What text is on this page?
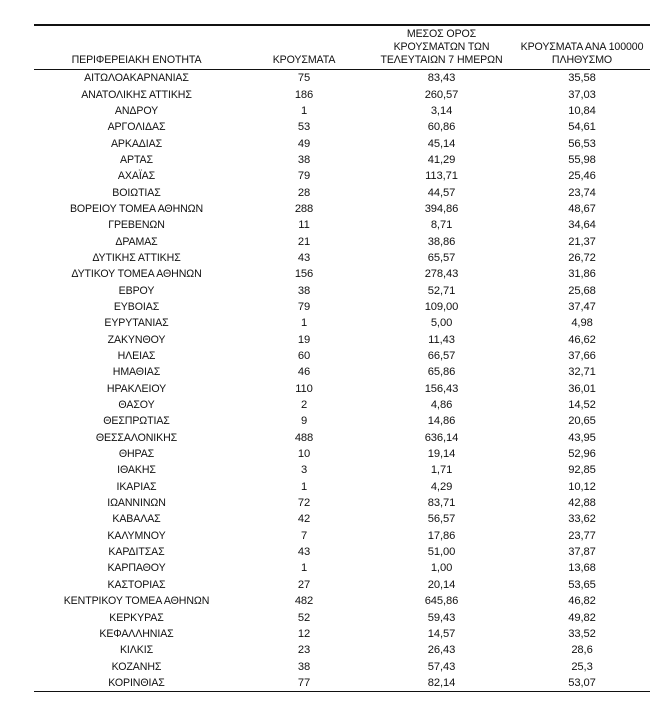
ΠΕΡΙΦΕΡΕΙΑΚΗ ΕΝΟΤΗΤΑ	ΚΡΟΥΣΜΑΤΑ	ΜΕΣΟΣ ΟΡΟΣ ΚΡΟΥΣΜΑΤΩΝ ΤΩΝ ΤΕΛΕΥΤΑΙΩΝ 7 ΗΜΕΡΩΝ	ΚΡΟΥΣΜΑΤΑ ΑΝΑ 100000 ΠΛΗΘΥΣΜΟ
ΑΙΤΩΛΟΑΚΑΡΝΑΝΙΑΣ	75	83,43	35,58
ΑΝΑΤΟΛΙΚΗΣ ΑΤΤΙΚΗΣ	186	260,57	37,03
ΑΝΔΡΟΥ	1	3,14	10,84
ΑΡΓΟΛΙΔΑΣ	53	60,86	54,61
ΑΡΚΑΔΙΑΣ	49	45,14	56,53
ΑΡΤΑΣ	38	41,29	55,98
ΑΧΑΪΑΣ	79	113,71	25,46
ΒΟΙΩΤΙΑΣ	28	44,57	23,74
ΒΟΡΕΙΟΥ ΤΟΜΕΑ ΑΘΗΝΩΝ	288	394,86	48,67
ΓΡΕΒΕΝΩΝ	11	8,71	34,64
ΔΡΑΜΑΣ	21	38,86	21,37
ΔΥΤΙΚΗΣ ΑΤΤΙΚΗΣ	43	65,57	26,72
ΔΥΤΙΚΟΥ ΤΟΜΕΑ ΑΘΗΝΩΝ	156	278,43	31,86
ΕΒΡΟΥ	38	52,71	25,68
ΕΥΒΟΙΑΣ	79	109,00	37,47
ΕΥΡΥΤΑΝΙΑΣ	1	5,00	4,98
ΖΑΚΥΝΘΟΥ	19	11,43	46,62
ΗΛΕΙΑΣ	60	66,57	37,66
ΗΜΑΘΙΑΣ	46	65,86	32,71
ΗΡΑΚΛΕΙΟΥ	110	156,43	36,01
ΘΑΣΟΥ	2	4,86	14,52
ΘΕΣΠΡΩΤΙΑΣ	9	14,86	20,65
ΘΕΣΣΑΛΟΝΙΚΗΣ	488	636,14	43,95
ΘΗΡΑΣ	10	19,14	52,96
ΙΘΑΚΗΣ	3	1,71	92,85
ΙΚΑΡΙΑΣ	1	4,29	10,12
ΙΩΑΝΝΙΝΩΝ	72	83,71	42,88
ΚΑΒΑΛΑΣ	42	56,57	33,62
ΚΑΛΥΜΝΟΥ	7	17,86	23,77
ΚΑΡΔΙΤΣΑΣ	43	51,00	37,87
ΚΑΡΠΑΘΟΥ	1	1,00	13,68
ΚΑΣΤΟΡΙΑΣ	27	20,14	53,65
ΚΕΝΤΡΙΚΟΥ ΤΟΜΕΑ ΑΘΗΝΩΝ	482	645,86	46,82
ΚΕΡΚΥΡΑΣ	52	59,43	49,82
ΚΕΦΑΛΛΗΝΙΑΣ	12	14,57	33,52
ΚΙΛΚΙΣ	23	26,43	28,6
ΚΟΖΑΝΗΣ	38	57,43	25,3
ΚΟΡΙΝΘΙΑΣ	77	82,14	53,07
